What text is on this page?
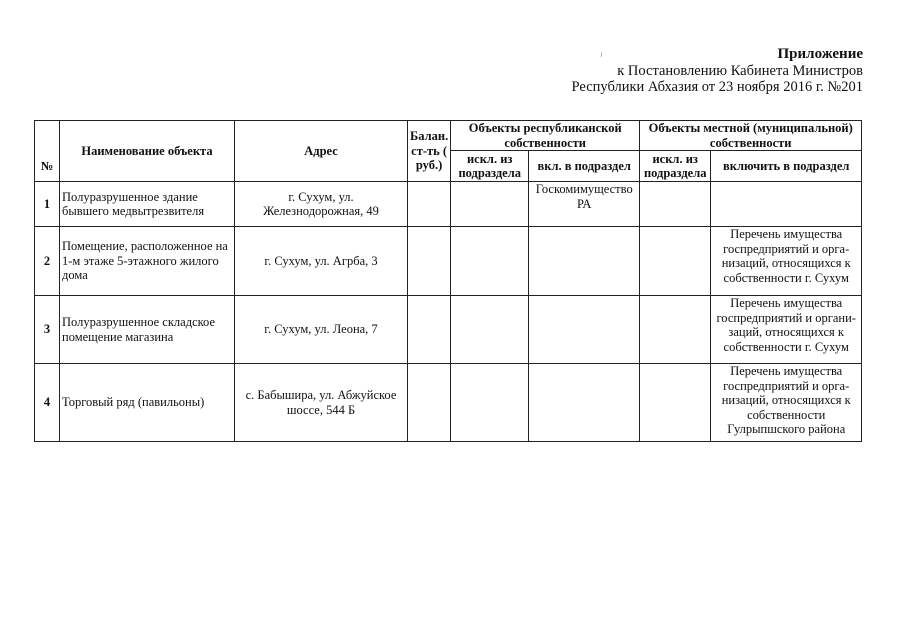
⸝	Приложение
к Постановлению Кабинета Министров
Республики Абхазия от 23 ноября 2016 г. №201
№	Наименование объекта	Адрес	Балан. ст-ть ( руб.)	Объекты республиканской собственности		Объекты местной (муниципальной) собственности	
				искл. из подраздела	вкл. в подраздел	искл. из подраздела	включить в подраздел
1	Полуразрушенное здание бывшего медвытрезвителя	г. Сухум, ул. Железнодорожная, 49			Госкомимущество РА		
2	Помещение, расположенное на 1-м этаже 5-этажного жилого дома	г. Сухум, ул. Агрба, 3					Перечень имущества госпредприятий и орга-низаций, относящихся к собственности г. Сухум
3	Полуразрушенное складское помещение магазина	г. Сухум, ул. Леона, 7					Перечень имущества госпредприятий и органи-заций, относящихся к собственности г. Сухум
4	Торговый ряд (павильоны)	с. Бабышира, ул. Абжуйское шоссе, 544 Б					Перечень имущества госпредприятий и орга-низаций, относящихся к собственности Гулрыпшского района
